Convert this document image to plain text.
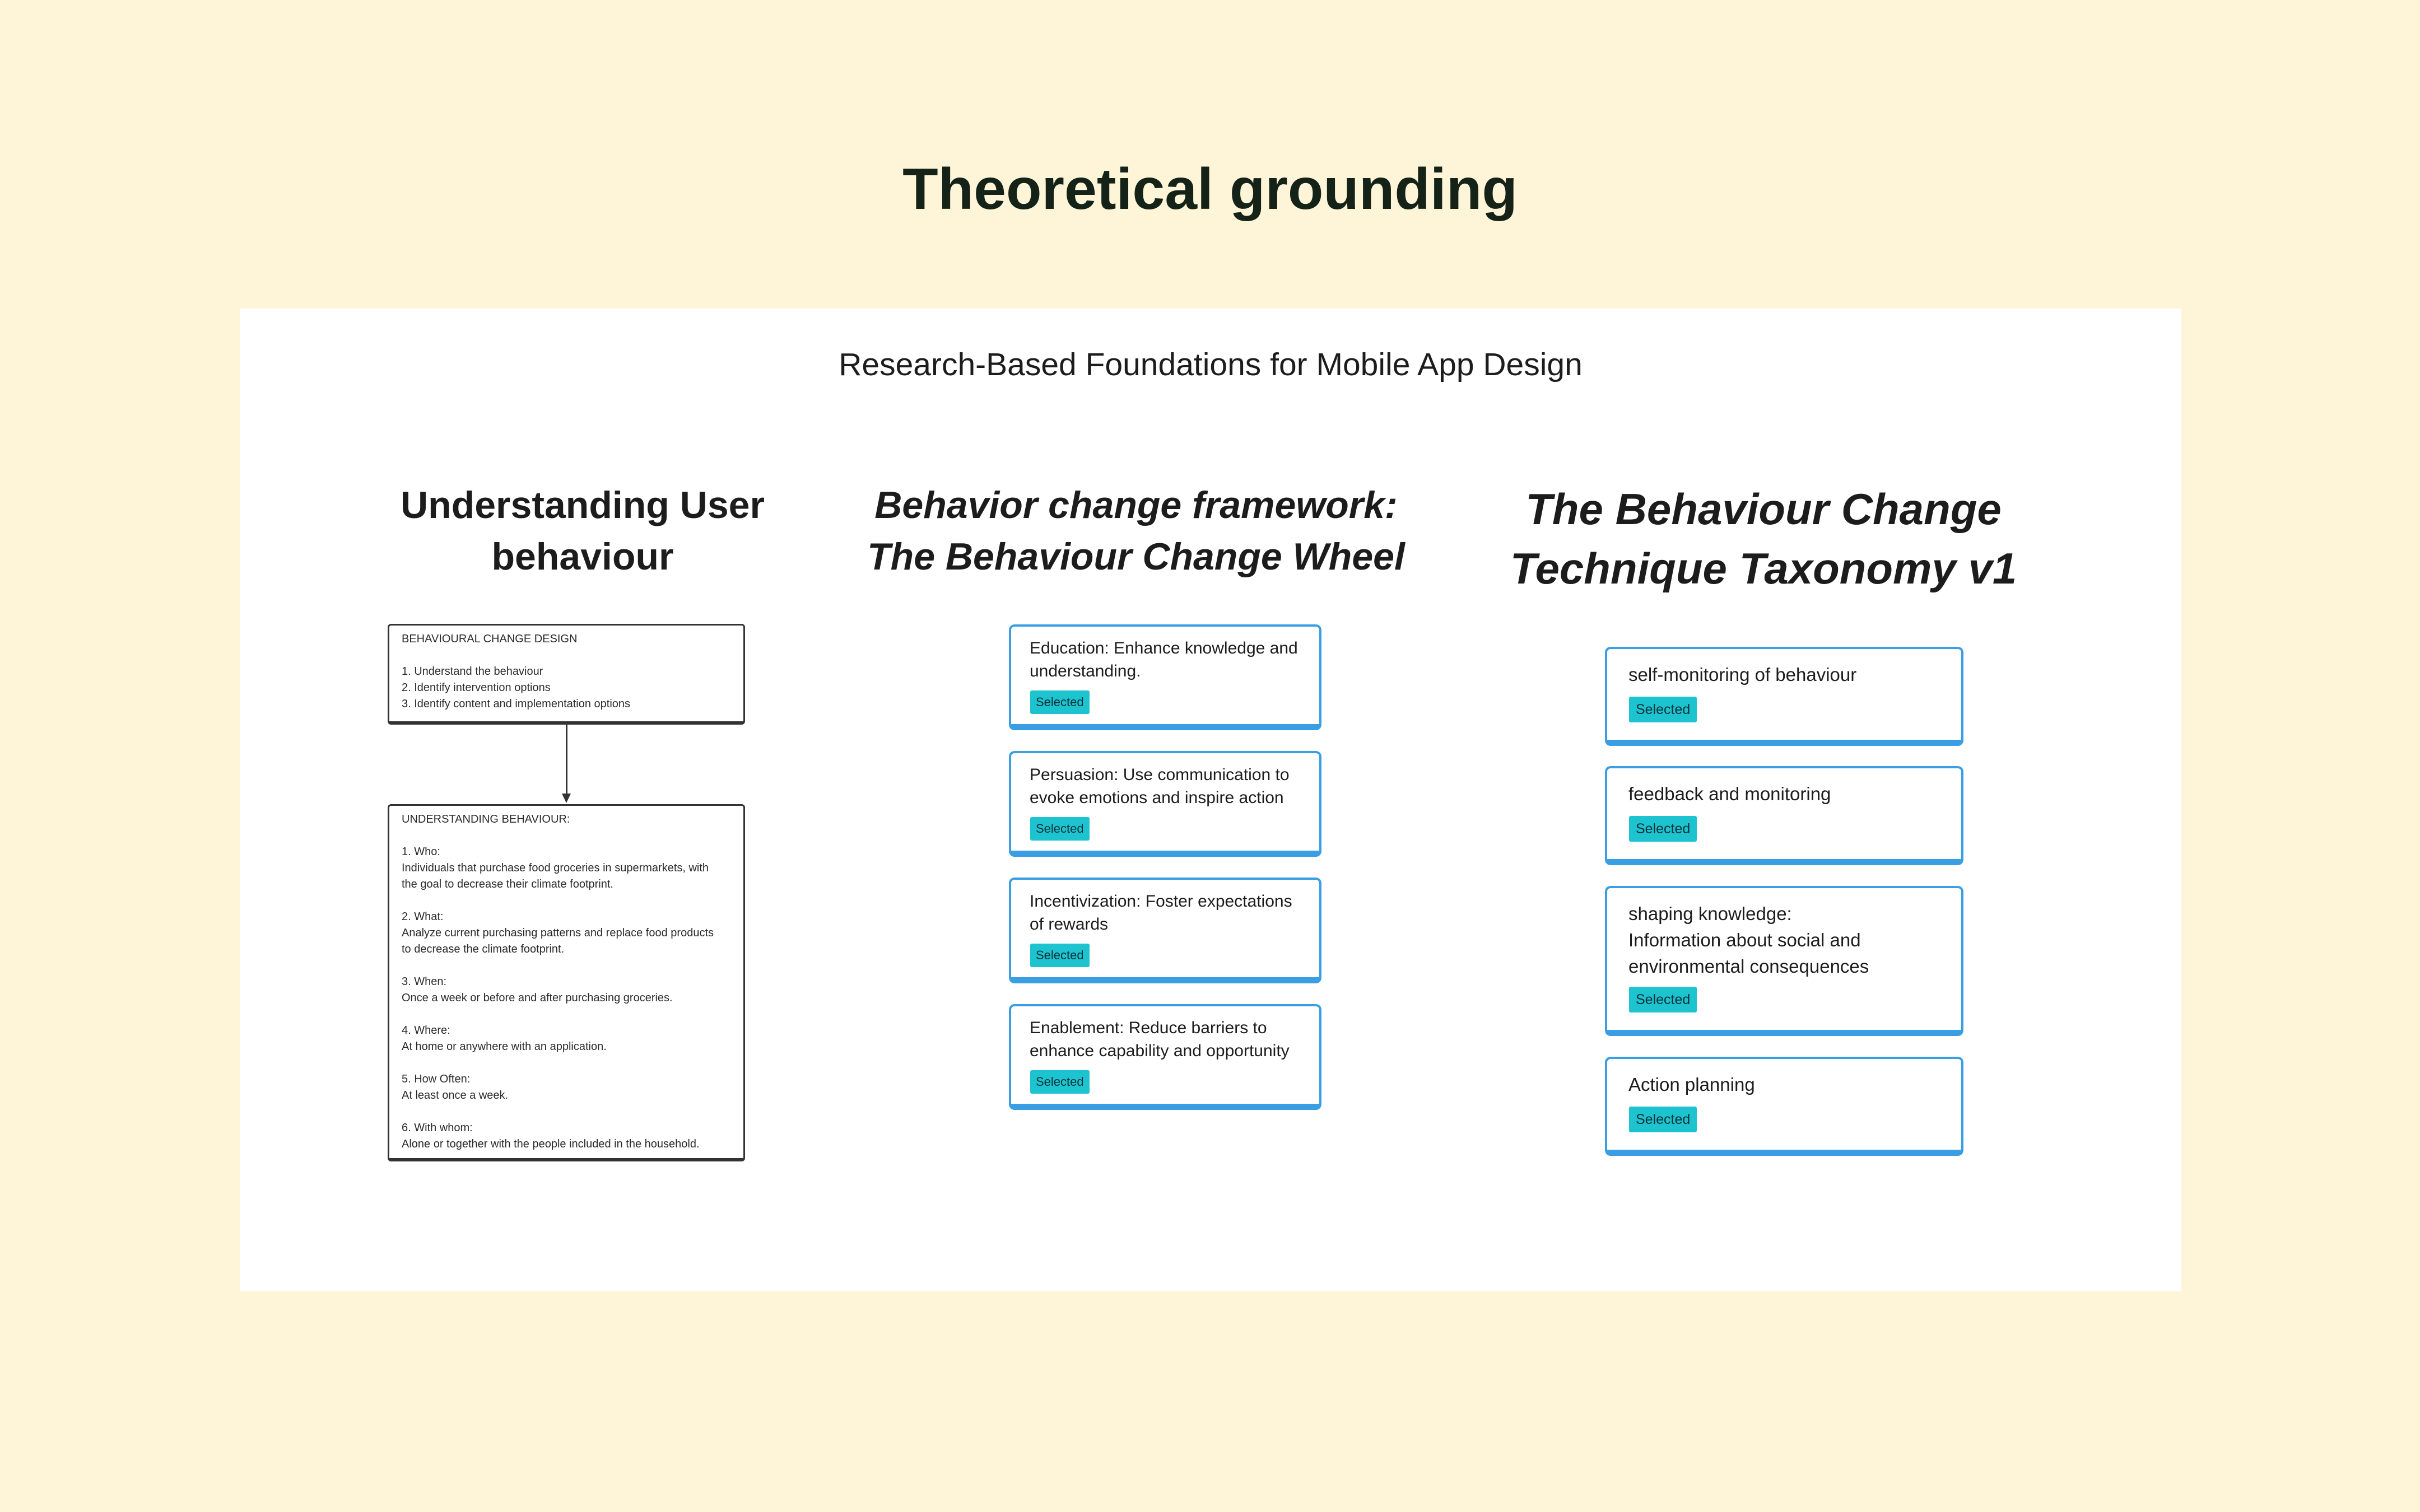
Theoretical grounding
Research-Based Foundations for Mobile App Design
Understanding User
behaviour
Behavior change framework:
The Behaviour Change Wheel
The Behaviour Change
Technique Taxonomy v1
BEHAVIOURAL CHANGE DESIGN
1. Understand the behaviour
2. Identify intervention options
3. Identify content and implementation options
UNDERSTANDING BEHAVIOUR:
1. Who:
Individuals that purchase food groceries in supermarkets, with
the goal to decrease their climate footprint.
2. What:
Analyze current purchasing patterns and replace food products
to decrease the climate footprint.
3. When:
Once a week or before and after purchasing groceries.
4. Where:
At home or anywhere with an application.
5. How Often:
At least once a week.
6. With whom:
Alone or together with the people included in the household.
Education: Enhance knowledge and understanding.
Selected
Persuasion: Use communication to evoke emotions and inspire action
Selected
Incentivization: Foster expectations of rewards
Selected
Enablement: Reduce barriers to enhance capability and opportunity
Selected
self-monitoring of behaviour
Selected
feedback and monitoring
Selected
shaping knowledge:
Information about social and
environmental consequences
Selected
Action planning
Selected
